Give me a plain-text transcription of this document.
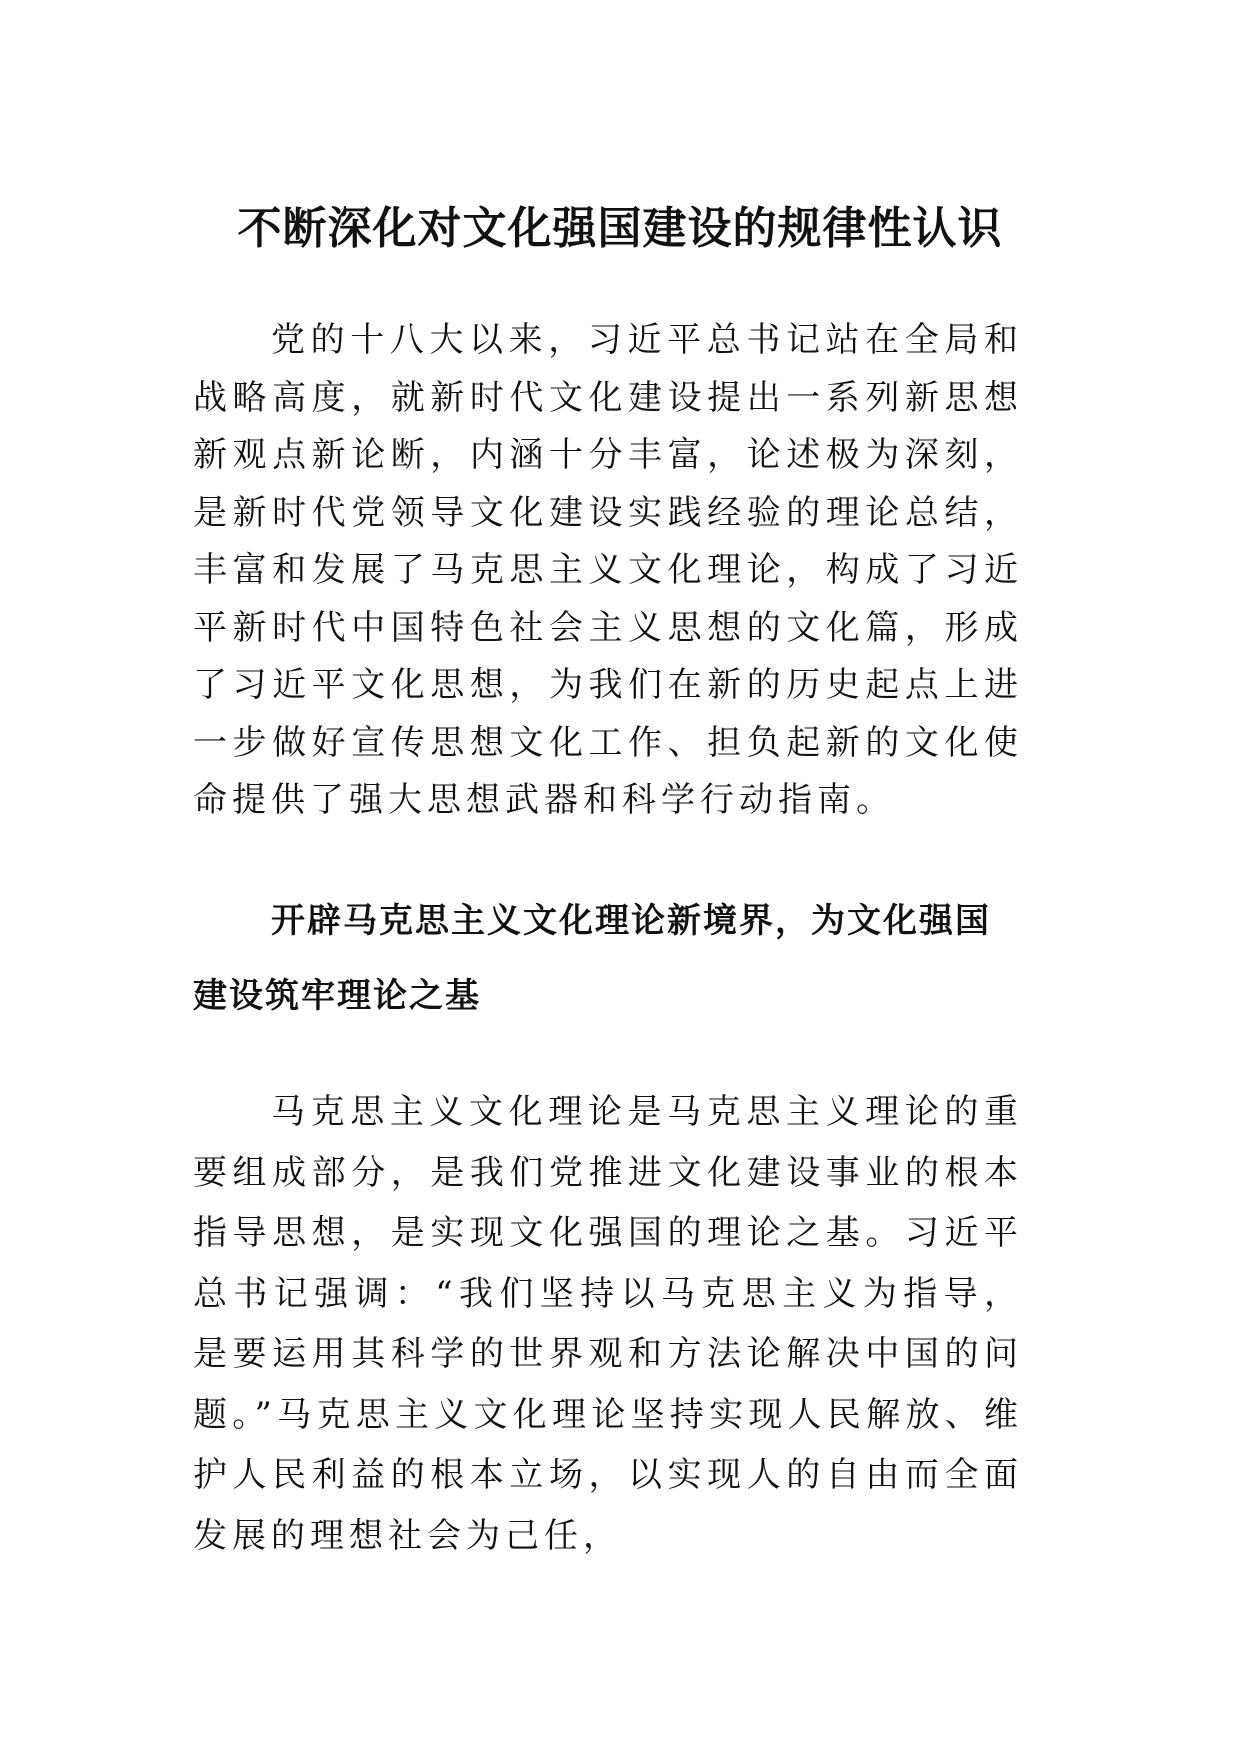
不断深化对文化强国建设的规律性认识

党的十八大以来，习近平总书记站在全局和战略高度，就新时代文化建设提出一系列新思想新观点新论断，内涵十分丰富，论述极为深刻，是新时代党领导文化建设实践经验的理论总结，丰富和发展了马克思主义文化理论，构成了习近平新时代中国特色社会主义思想的文化篇，形成了习近平文化思想，为我们在新的历史起点上进一步做好宣传思想文化工作、担负起新的文化使命提供了强大思想武器和科学行动指南。

开辟马克思主义文化理论新境界，为文化强国建设筑牢理论之基

马克思主义文化理论是马克思主义理论的重要组成部分，是我们党推进文化建设事业的根本指导思想，是实现文化强国的理论之基。习近平总书记强调：“我们坚持以马克思主义为指导，是要运用其科学的世界观和方法论解决中国的问题。”马克思主义文化理论坚持实现人民解放、维护人民利益的根本立场，以实现人的自由而全面发展的理想社会为己任，
